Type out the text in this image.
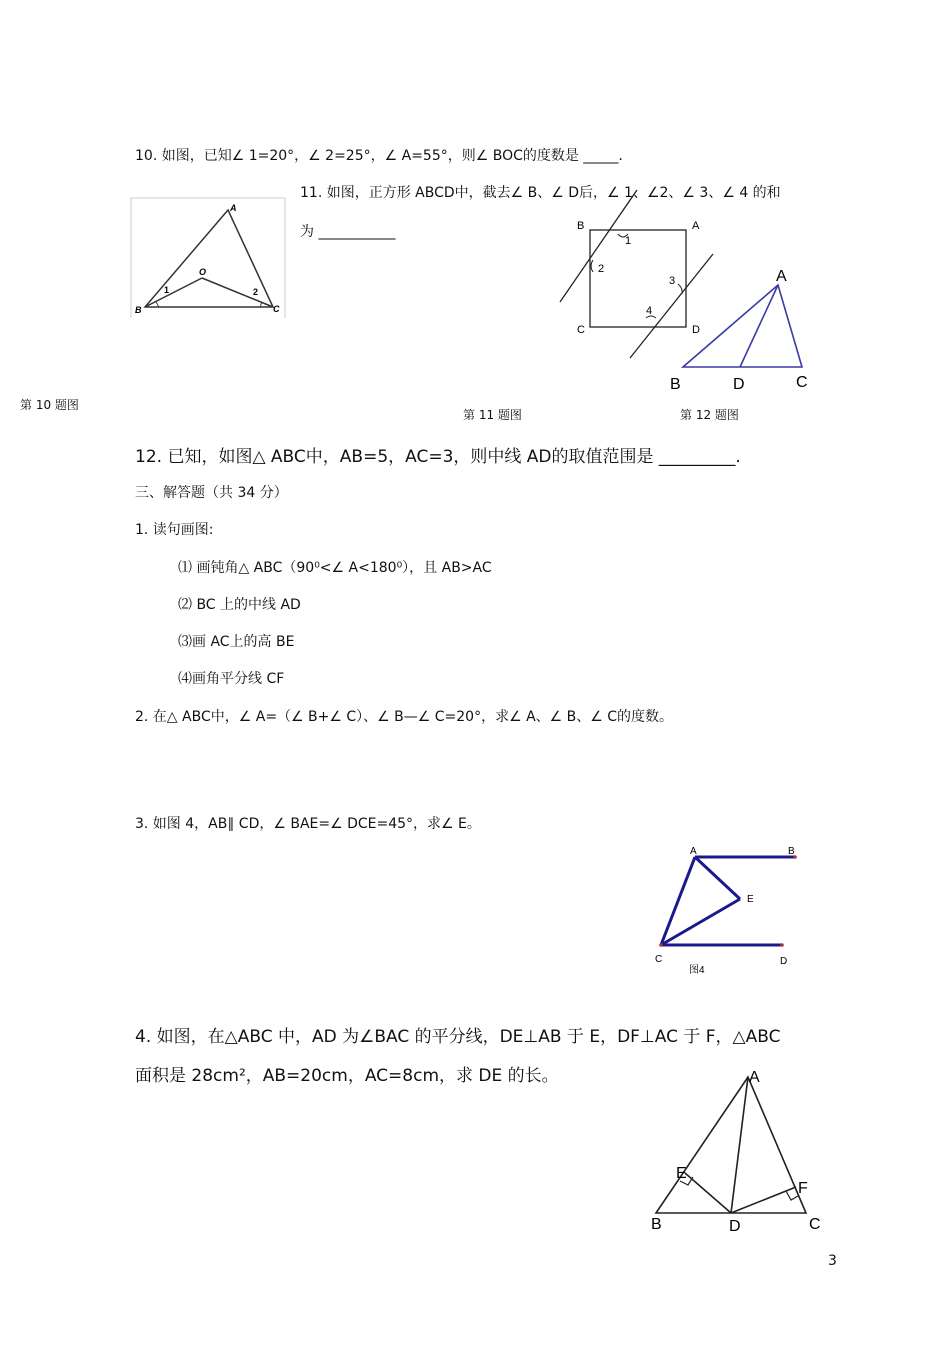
10. 如图，已知∠ 1=20°，∠ 2=25°，∠ A=55°，则∠ BOC的度数是 _____.
A
O
B	C
1	2
第 10 题图
11. 如图，正方形 ABCD中，截去∠ B、∠ D后，∠ 1、∠2、∠ 3、∠ 4 的和
为 ___________	B	A
C	D
1
2
3
4
第 11 题图
A
B	D	C
第 12 题图
12. 已知，如图△ ABC中，AB=5，AC=3，则中线 AD的取值范围是 _________.
三、解答题（共 34 分）
1. 读句画图:
⑴ 画钝角△ ABC（90⁰<∠ A<180⁰），且 AB>AC
⑵ BC 上的中线 AD
⑶画 AC上的高 BE
⑷画角平分线 CF
2. 在△ ABC中，∠ A=（∠ B+∠ C）、∠ B—∠ C=20°，求∠ A、∠ B、∠ C的度数。
3. 如图 4，AB∥ CD，∠ BAE=∠ DCE=45°，求∠ E。
A	B
E
C	D
图4
4. 如图，在△ABC 中，AD 为∠BAC 的平分线，DE⊥AB 于 E，DF⊥AC 于 F，△ABC
面积是 28cm²，AB=20cm，AC=8cm，求 DE 的长。	A
E
F
B	D	C
3
